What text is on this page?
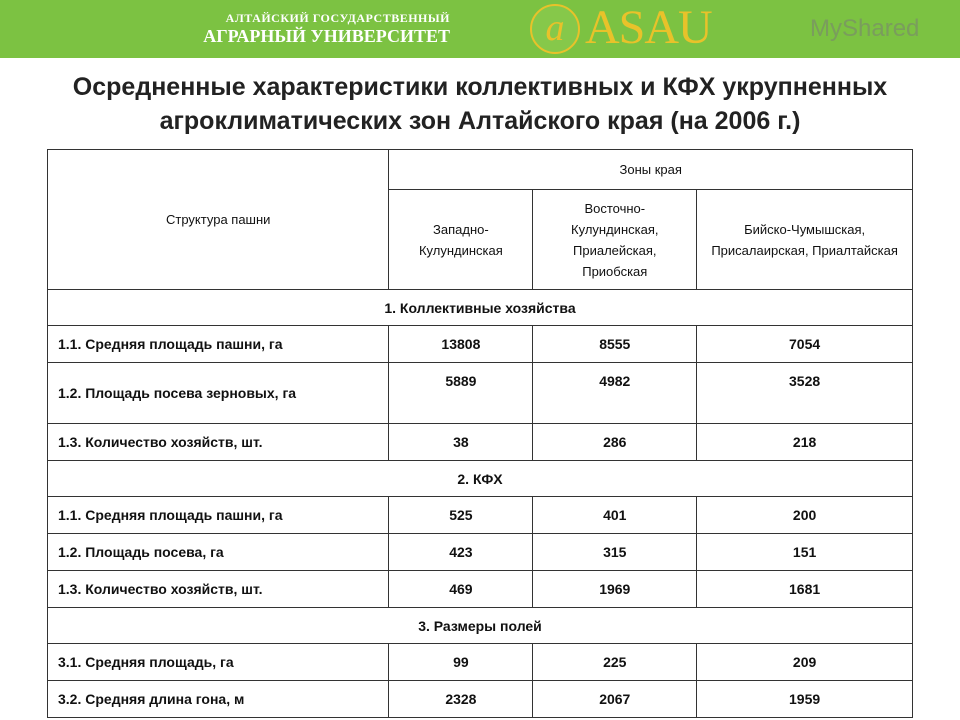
АЛТАЙСКИЙ ГОСУДАРСТВЕННЫЙ
АГРАРНЫЙ УНИВЕРСИТЕТ	а ASAU
Осредненные характеристики коллективных и КФХ укрупненных
агроклиматических зон Алтайского края (на 2006 г.)
Структура пашни	Зоны края		
	Западно-Кулундинская	Восточно-Кулундинская, Приалейская, Приобская	Бийско-Чумышская, Присалаирская, Приалтайская
1. Коллективные хозяйства			
1.1. Средняя площадь пашни, га	13808	8555	7054
1.2. Площадь посева зерновых, га	5889	4982	3528
1.3. Количество хозяйств, шт.	38	286	218
2. КФХ			
1.1. Средняя площадь пашни, га	525	401	200
1.2. Площадь посева, га	423	315	151
1.3. Количество хозяйств, шт.	469	1969	1681
3. Размеры полей			
3.1. Средняя площадь, га	99	225	209
3.2. Средняя длина гона, м	2328	2067	1959
MyShared
